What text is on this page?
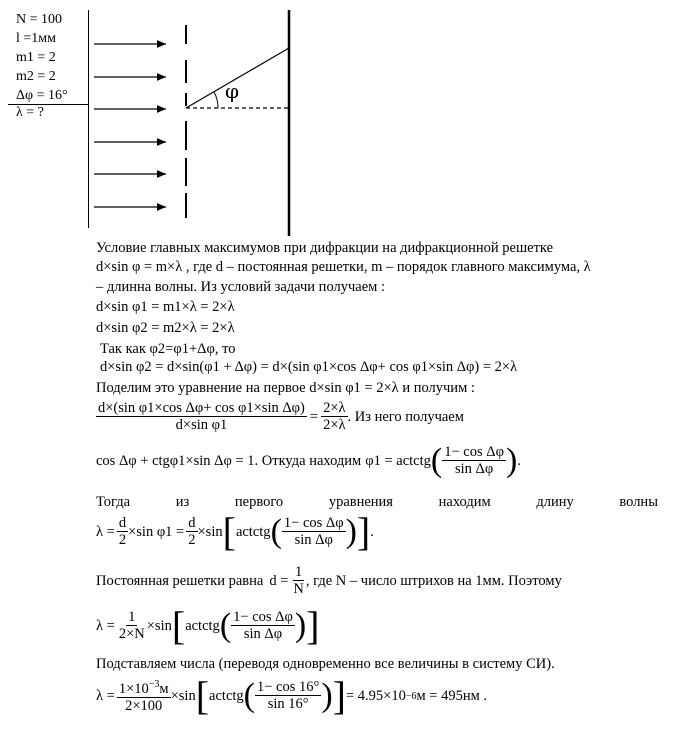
N = 100
l =1мм
m1 = 2
m2 = 2
Δφ = 16°
λ = ?
φ
Условие главных максимумов при дифракции на дифракционной решетке
d×sin φ = m×λ , где d – постоянная решетки, m – порядок главного максимума, λ
– длинна волны. Из условий задачи получаем :
d×sin φ1 = m1×λ = 2×λ
d×sin φ2 = m2×λ = 2×λ
Так как φ2=φ1+Δφ, то
d×sin φ2 = d×sin(φ1 + Δφ) = d×(sin φ1×cos Δφ+ cos φ1×sin Δφ) = 2×λ
Поделим это уравнение на первое d×sin φ1 = 2×λ и получим :
$\frac{\text{d×(sin φ1×cos Δφ+ cos φ1×sin Δφ)}}{\text{d×sin φ1}} = \frac{2\times\lambda}{2\times\lambda}$ . Из него получаем
cos Δφ + ctgφ1×sin Δφ = 1 . Откуда находим φ1 = actctg ( $\frac{\text{1− cos Δφ}}{\text{sin Δφ}}$ ) .
Тогда	из	первого	уравнения	находим	длину	волны
$\lambda = \frac{d}{2} \times\sin$ $\varphi 1 = \frac{d}{2} \times\sin$ [ actctg ( $\frac{\text{1− cos Δφ}}{\text{sin Δφ}}$ ) ] .
Постоянная решетки равна $d = \frac{1}{N}$ , где N – число штрихов на 1мм. Поэтому
$\lambda = \frac{1}{2\times N} \times\sin$ [ actctg ( $\frac{\text{1− cos Δφ}}{\text{sin Δφ}}$ ) ]
Подставляем числа (переводя одновременно все величины в систему СИ).
$\lambda = \frac{1\times 10^{-3}м}{2\times 100} \times\sin$ [ actctg ( $\frac{1- \cos 16^\circ}{\sin 16^\circ}$ ) ] = 4.95×10 −6 м = 495нм .
